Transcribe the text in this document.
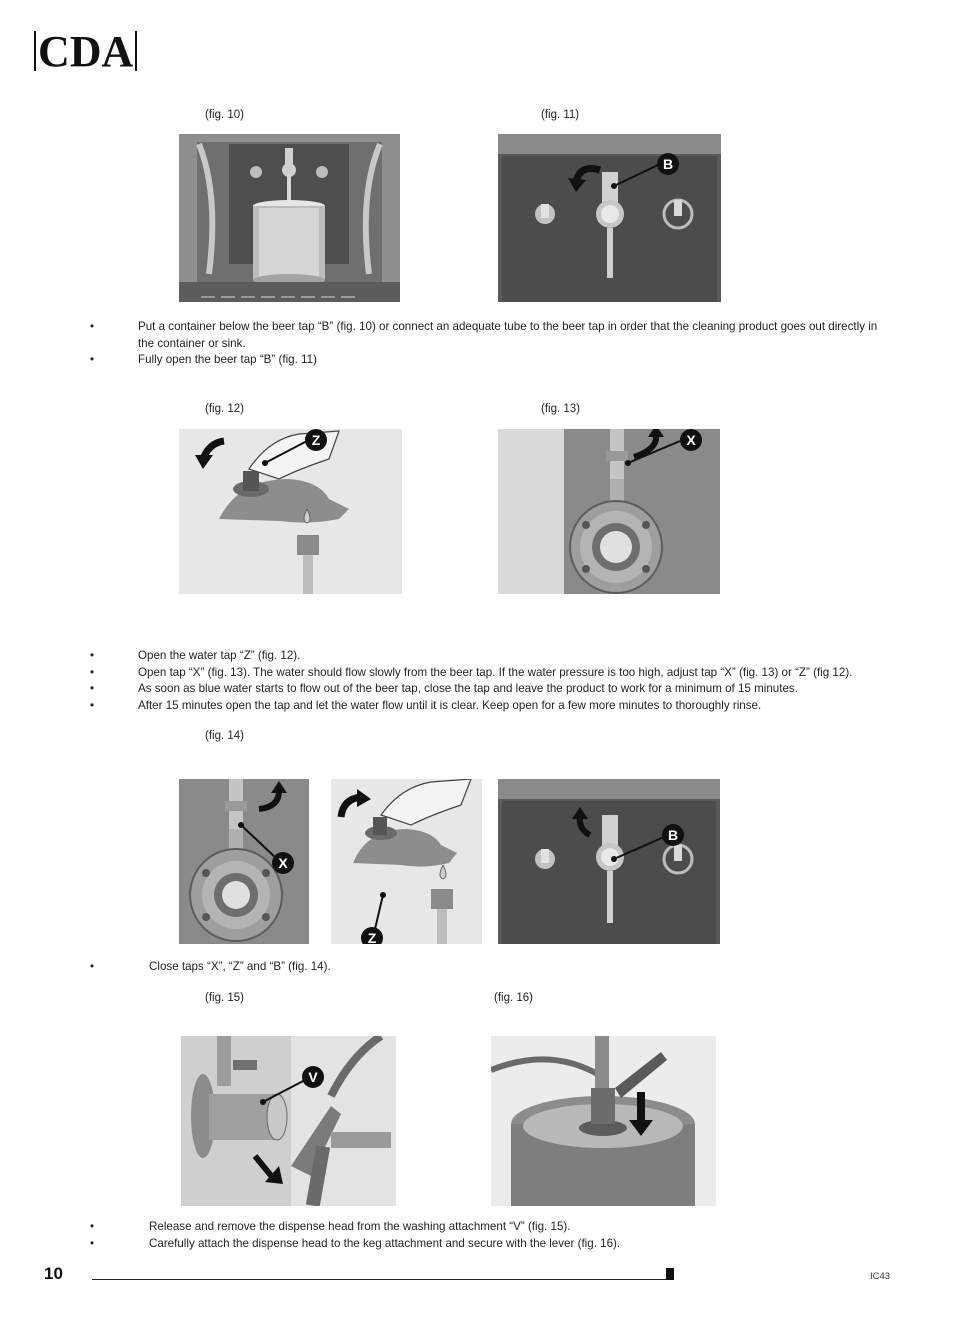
CDA
(fig. 10)	(fig. 11)
B
•	Put a container below the beer tap “B” (fig. 10) or connect an adequate tube to the beer tap in order that the cleaning product goes out directly in the container or sink.
•	Fully open the beer tap “B” (fig. 11)
(fig. 12)	(fig. 13)
Z	X
•	Open the water tap “Z” (fig. 12).
•	Open tap “X” (fig. 13). The water should flow slowly from the beer tap. If the water pressure is too high, adjust tap “X” (fig. 13) or “Z” (fig 12).
•	As soon as blue water starts to flow out of the beer tap, close the tap and leave the product to work for a minimum of 15 minutes.
•	After 15 minutes open the tap and let the water flow until it is clear. Keep open for a few more minutes to thoroughly rinse.
(fig. 14)
X
Z
B
•	Close taps “X”, “Z” and “B” (fig. 14).
(fig. 15)	(fig. 16)
V
•	Release and remove the dispense head from the washing attachment “V” (fig. 15).
•	Carefully attach the dispense head to the keg attachment and secure with the lever (fig. 16).
10	IC43
